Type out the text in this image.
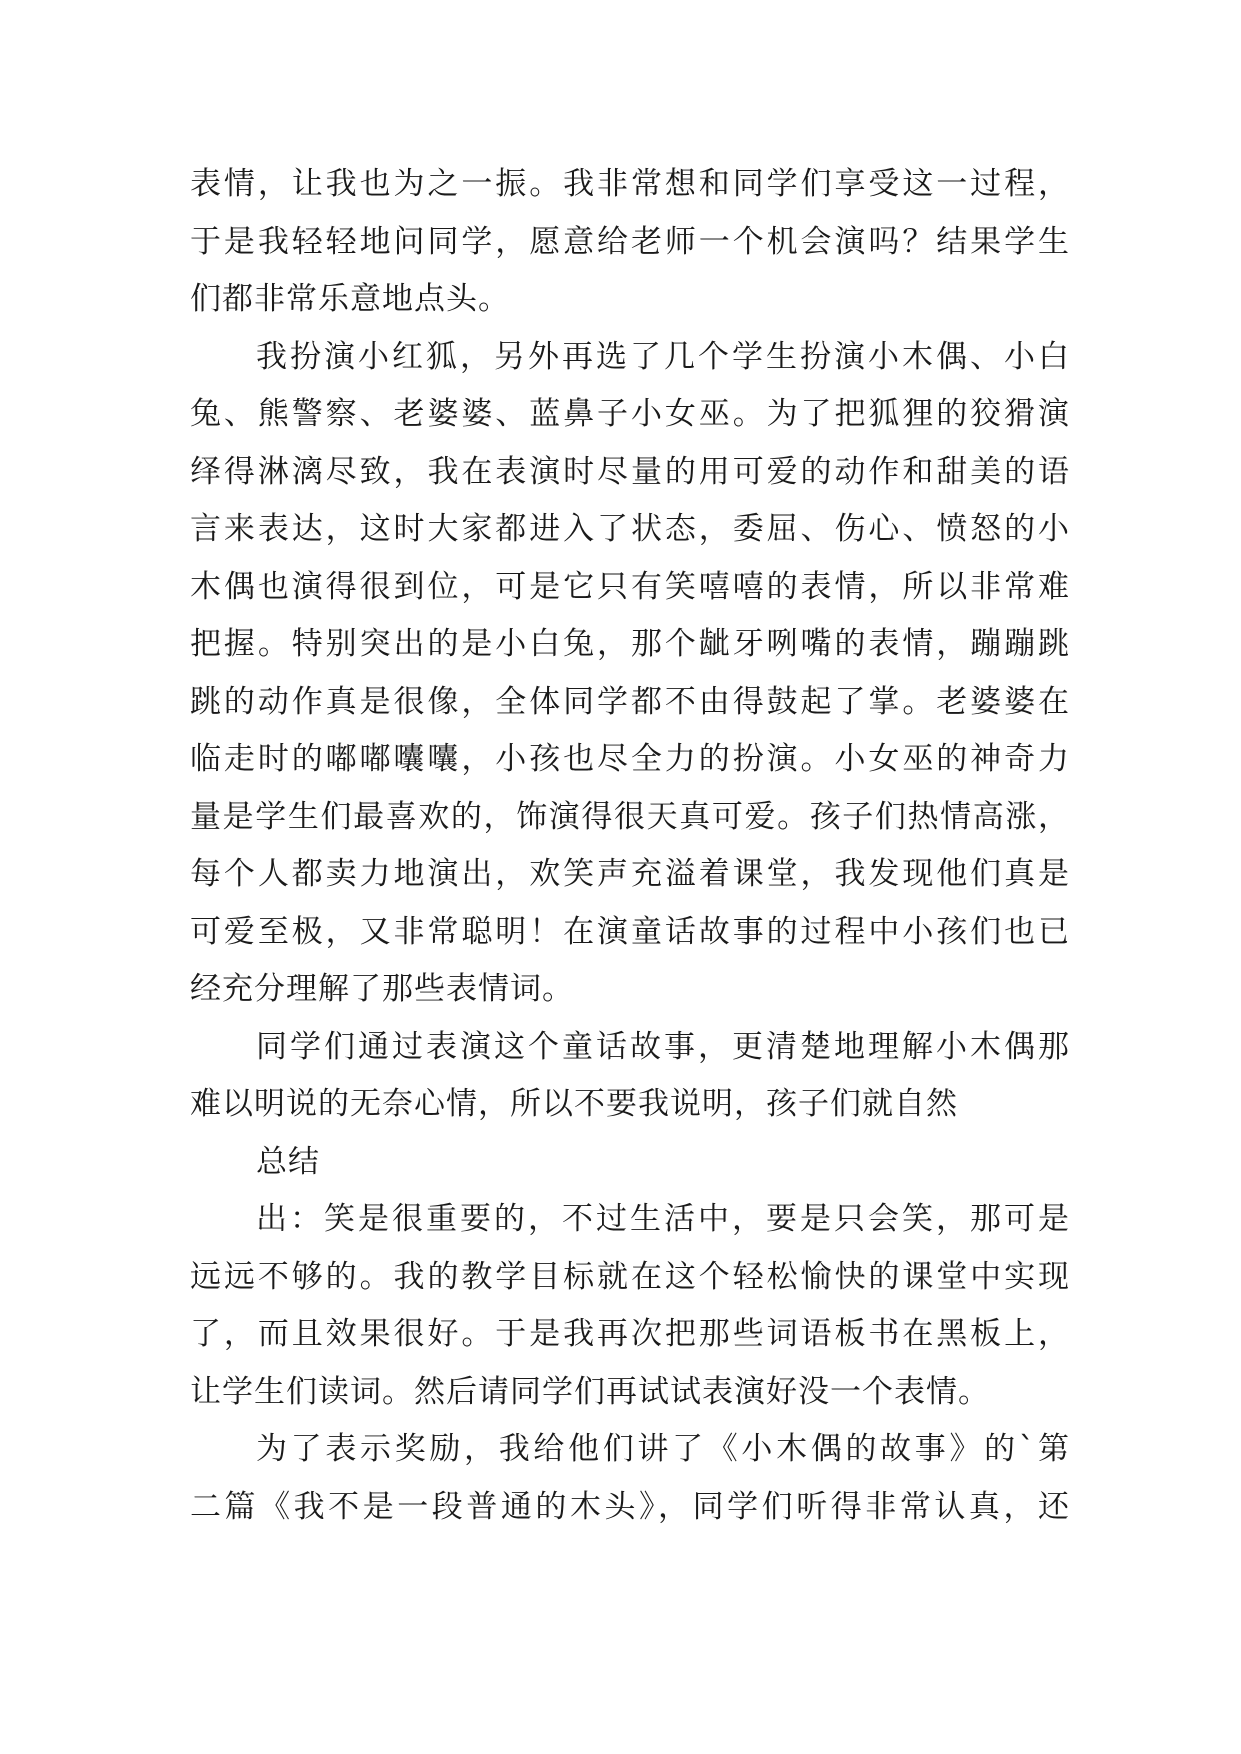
表情，让我也为之一振。我非常想和同学们享受这一过程，
于是我轻轻地问同学，愿意给老师一个机会演吗？结果学生
们都非常乐意地点头。
我扮演小红狐，另外再选了几个学生扮演小木偶、小白
兔、熊警察、老婆婆、蓝鼻子小女巫。为了把狐狸的狡猾演
绎得淋漓尽致，我在表演时尽量的用可爱的动作和甜美的语
言来表达，这时大家都进入了状态，委屈、伤心、愤怒的小
木偶也演得很到位，可是它只有笑嘻嘻的表情，所以非常难
把握。特别突出的是小白兔，那个龇牙咧嘴的表情，蹦蹦跳
跳的动作真是很像，全体同学都不由得鼓起了掌。老婆婆在
临走时的嘟嘟囔囔，小孩也尽全力的扮演。小女巫的神奇力
量是学生们最喜欢的，饰演得很天真可爱。孩子们热情高涨，
每个人都卖力地演出，欢笑声充溢着课堂，我发现他们真是
可爱至极，又非常聪明！在演童话故事的过程中小孩们也已
经充分理解了那些表情词。
同学们通过表演这个童话故事，更清楚地理解小木偶那
难以明说的无奈心情，所以不要我说明，孩子们就自然
总结
出：笑是很重要的，不过生活中，要是只会笑，那可是
远远不够的。我的教学目标就在这个轻松愉快的课堂中实现
了，而且效果很好。于是我再次把那些词语板书在黑板上，
让学生们读词。然后请同学们再试试表演好没一个表情。
为了表示奖励，我给他们讲了《小木偶的故事》的`第
二篇《我不是一段普通的木头》，同学们听得非常认真，还
